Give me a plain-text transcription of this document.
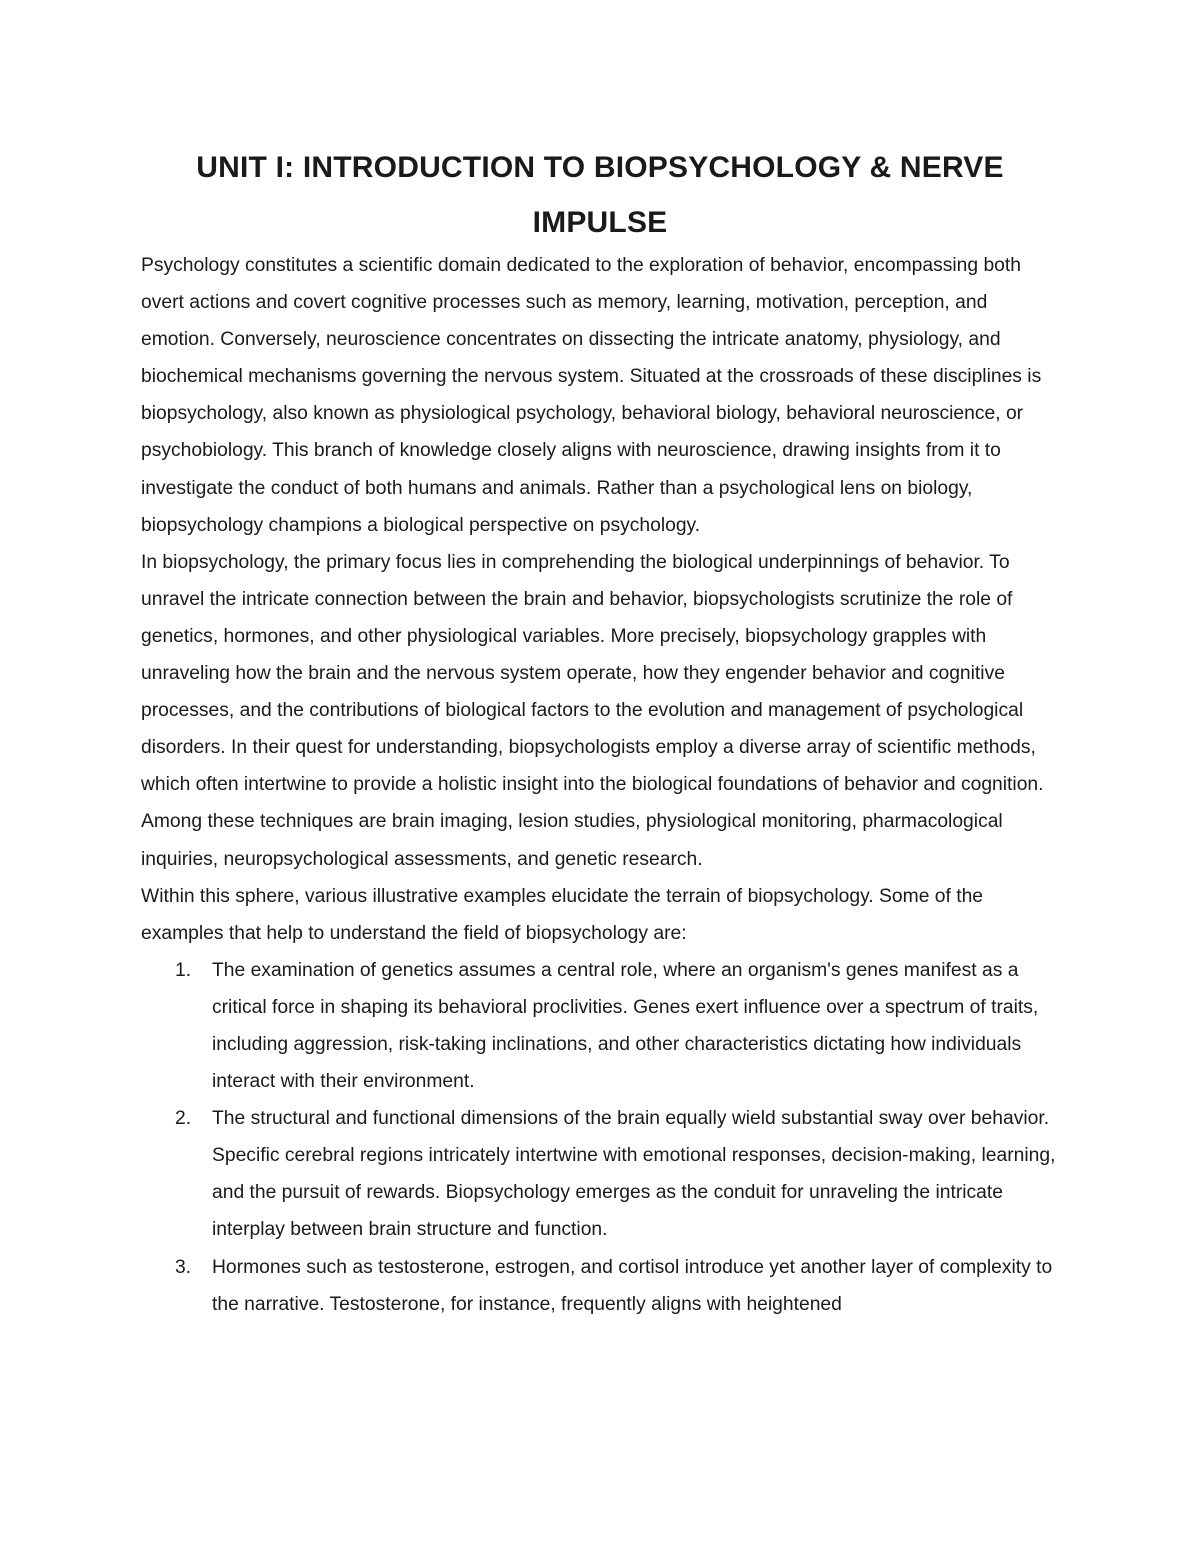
UNIT I: INTRODUCTION TO BIOPSYCHOLOGY & NERVE IMPULSE

Psychology constitutes a scientific domain dedicated to the exploration of behavior, encompassing both overt actions and covert cognitive processes such as memory, learning, motivation, perception, and emotion. Conversely, neuroscience concentrates on dissecting the intricate anatomy, physiology, and biochemical mechanisms governing the nervous system. Situated at the crossroads of these disciplines is biopsychology, also known as physiological psychology, behavioral biology, behavioral neuroscience, or psychobiology. This branch of knowledge closely aligns with neuroscience, drawing insights from it to investigate the conduct of both humans and animals. Rather than a psychological lens on biology, biopsychology champions a biological perspective on psychology.

In biopsychology, the primary focus lies in comprehending the biological underpinnings of behavior. To unravel the intricate connection between the brain and behavior, biopsychologists scrutinize the role of genetics, hormones, and other physiological variables. More precisely, biopsychology grapples with unraveling how the brain and the nervous system operate, how they engender behavior and cognitive processes, and the contributions of biological factors to the evolution and management of psychological disorders. In their quest for understanding, biopsychologists employ a diverse array of scientific methods, which often intertwine to provide a holistic insight into the biological foundations of behavior and cognition. Among these techniques are brain imaging, lesion studies, physiological monitoring, pharmacological inquiries, neuropsychological assessments, and genetic research.

Within this sphere, various illustrative examples elucidate the terrain of biopsychology. Some of the examples that help to understand the field of biopsychology are:

1. The examination of genetics assumes a central role, where an organism's genes manifest as a critical force in shaping its behavioral proclivities. Genes exert influence over a spectrum of traits, including aggression, risk-taking inclinations, and other characteristics dictating how individuals interact with their environment.
2. The structural and functional dimensions of the brain equally wield substantial sway over behavior. Specific cerebral regions intricately intertwine with emotional responses, decision-making, learning, and the pursuit of rewards. Biopsychology emerges as the conduit for unraveling the intricate interplay between brain structure and function.
3. Hormones such as testosterone, estrogen, and cortisol introduce yet another layer of complexity to the narrative. Testosterone, for instance, frequently aligns with heightened
